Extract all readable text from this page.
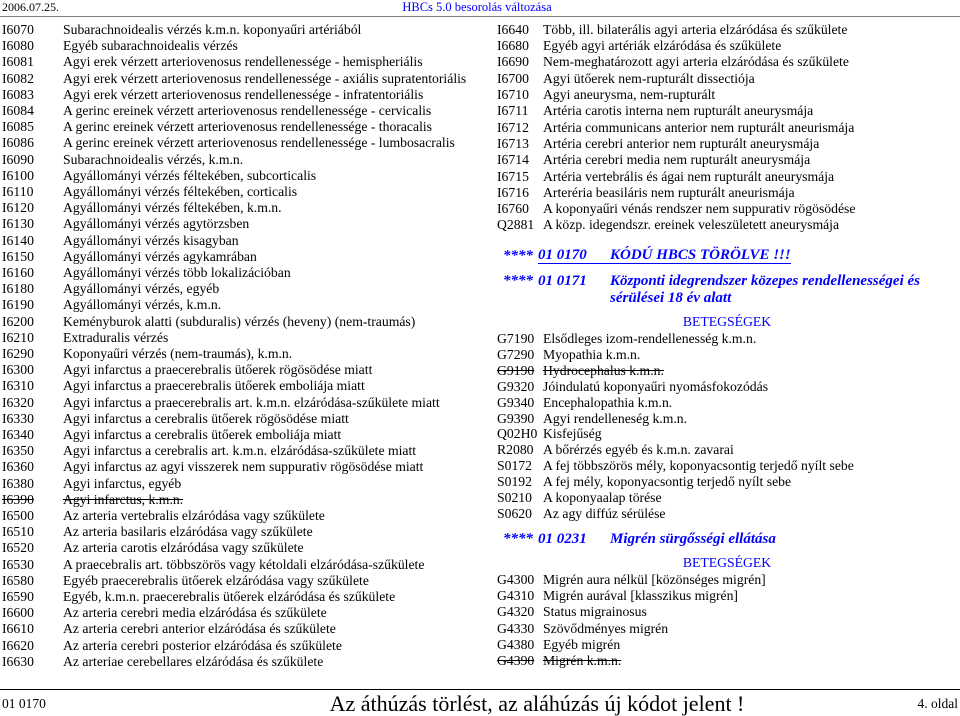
2006.07.25.	HBCs 5.0 besorolás változása
I6070	Subarachnoidealis vérzés k.m.n. koponyaűri artériából
I6080	Egyéb subarachnoidealis vérzés
I6081	Agyi erek vérzett arteriovenosus rendellenessége - hemispheriális
I6082	Agyi erek vérzett arteriovenosus rendellenessége - axiális supratentoriális
I6083	Agyi erek vérzett arteriovenosus rendellenessége - infratentoriális
I6084	A gerinc ereinek vérzett arteriovenosus rendellenessége - cervicalis
I6085	A gerinc ereinek vérzett arteriovenosus rendellenessége - thoracalis
I6086	A gerinc ereinek vérzett arteriovenosus rendellenessége - lumbosacralis
I6090	Subarachnoidealis vérzés, k.m.n.
I6100	Agyállományi vérzés féltekében, subcorticalis
I6110	Agyállományi vérzés féltekében, corticalis
I6120	Agyállományi vérzés féltekében, k.m.n.
I6130	Agyállományi vérzés agytörzsben
I6140	Agyállományi vérzés kisagyban
I6150	Agyállományi vérzés agykamrában
I6160	Agyállományi vérzés több lokalizációban
I6180	Agyállományi vérzés, egyéb
I6190	Agyállományi vérzés, k.m.n.
I6200	Keményburok alatti (subduralis) vérzés (heveny) (nem-traumás)
I6210	Extraduralis vérzés
I6290	Koponyaűri vérzés (nem-traumás), k.m.n.
I6300	Agyi infarctus a praecerebralis ütőerek rögösödése miatt
I6310	Agyi infarctus a praecerebralis ütőerek emboliája miatt
I6320	Agyi infarctus a praecerebralis art. k.m.n. elzáródása-szűkülete miatt
I6330	Agyi infarctus a cerebralis ütőerek rögösödése miatt
I6340	Agyi infarctus a cerebralis ütőerek emboliája miatt
I6350	Agyi infarctus a cerebralis art. k.m.n. elzáródása-szűkülete miatt
I6360	Agyi infarctus az agyi visszerek nem suppurativ rögösödése miatt
I6380	Agyi infarctus, egyéb
I6390	Agyi infarctus, k.m.n.
I6500	Az arteria vertebralis elzáródása vagy szűkülete
I6510	Az arteria basilaris elzáródása vagy szűkülete
I6520	Az arteria carotis elzáródása vagy szűkülete
I6530	A praecebralis art. többszörös vagy kétoldali elzáródása-szűkülete
I6580	Egyéb praecerebralis ütőerek elzáródása vagy szűkülete
I6590	Egyéb, k.m.n. praecerebralis ütőerek elzáródása és szűkülete
I6600	Az arteria cerebri media elzáródása és szűkülete
I6610	Az arteria cerebri anterior elzáródása és szűkülete
I6620	Az arteria cerebri posterior elzáródása és szűkülete
I6630	Az arteriae cerebellares elzáródása és szűkülete
I6640	Több, ill. bilaterális agyi arteria elzáródása és szűkülete
I6680	Egyéb agyi artériák elzáródása és szűkülete
I6690	Nem-meghatározott agyi arteria elzáródása és szűkülete
I6700	Agyi ütőerek nem-rupturált dissectiója
I6710	Agyi aneurysma, nem-rupturált
I6711	Artéria carotis interna nem rupturált aneurysmája
I6712	Artéria communicans anterior nem rupturált aneurismája
I6713	Artéria cerebri anterior nem rupturált aneurysmája
I6714	Artéria cerebri media nem rupturált aneurysmája
I6715	Artéria vertebrális és ágai nem rupturált aneurysmája
I6716	Arteréria beasiláris nem rupturált aneurismája
I6760	A koponyaűri vénás rendszer nem suppurativ rögösödése
Q2881 A közp. idegendszr. ereinek veleszületett aneurysmája
**** 01 0170	KÓDÚ HBCS TÖRÖLVE !!!
**** 01 0171	Központi idegrendszer közepes rendellenességei és
sérülései 18 év alatt
BETEGSÉGEK
G7190 Elsődleges izom-rendellenesség k.m.n.
G7290 Myopathia k.m.n.
G9190 Hydrocephalus k.m.n.
G9320 Jóindulatú koponyaűri nyomásfokozódás
G9340 Encephalopathia k.m.n.
G9390 Agyi rendelleneség k.m.n.
Q02H0 Kisfejűség
R2080 A bőrérzés egyéb és k.m.n. zavarai
S0172 A fej többszörös mély, koponyacsontig terjedő nyílt sebe
S0192 A fej mély, koponyacsontig terjedő nyílt sebe
S0210 A koponyaalap törése
S0620 Az agy diffúz sérülése
**** 01 0231	Migrén sürgősségi ellátása
BETEGSÉGEK
G4300 Migrén aura nélkül [közönséges migrén]
G4310 Migrén aurával [klasszikus migrén]
G4320 Status migrainosus
G4330 Szövődményes migrén
G4380 Egyéb migrén
G4390 Migrén k.m.n.
01 0170	Az áthúzás törlést, az aláhúzás új kódot jelent !	4. oldal
